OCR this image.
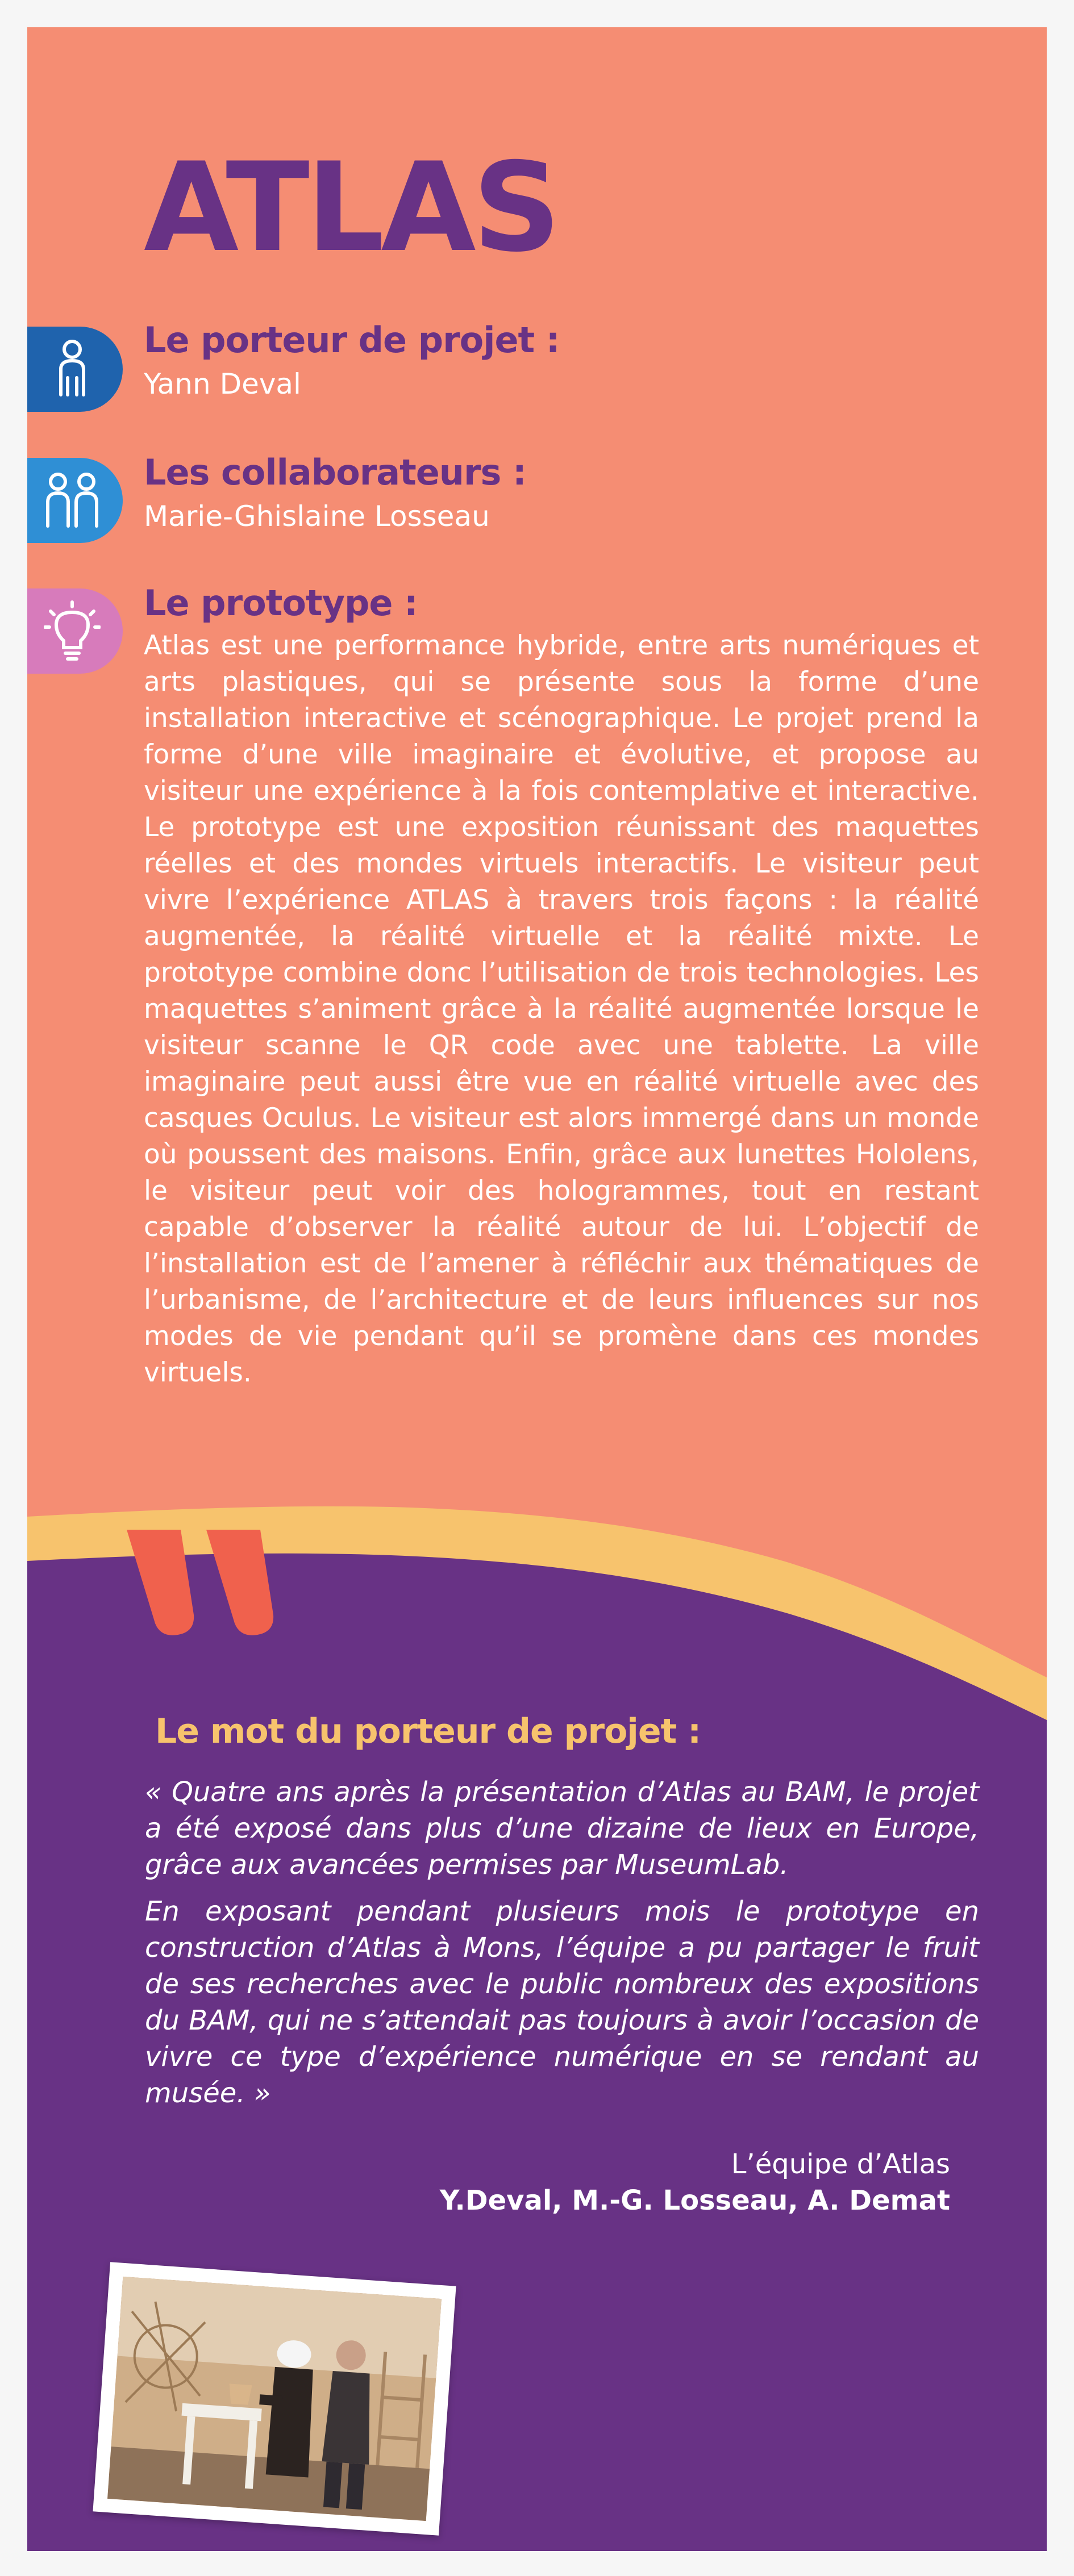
ATLAS
Le porteur de projet :
Yann Deval
Les collaborateurs :
Marie-Ghislaine Losseau
Le prototype :
Atlas est une performance hybride, entre arts numériques et arts plastiques, qui se présente sous la forme d’une installation interactive et scénographique. Le projet prend la forme d’une ville imaginaire et évolutive, et propose au visiteur une expérience à la fois contemplative et interactive. Le prototype est une exposition réunissant des maquettes réelles et des mondes virtuels interactifs. Le visiteur peut vivre l’expérience ATLAS à travers trois façons : la réalité augmentée, la réalité virtuelle et la réalité mixte. Le prototype combine donc l’utilisation de trois technologies. Les maquettes s’animent grâce à la réalité augmentée lorsque le visiteur scanne le QR code avec une tablette. La ville imaginaire peut aussi être vue en réalité virtuelle avec des casques Oculus. Le visiteur est alors immergé dans un monde où poussent des maisons. Enfin, grâce aux lunettes Hololens, le visiteur peut voir des hologrammes, tout en restant capable d’observer la réalité autour de lui. L’objectif de l’installation est de l’amener à réfléchir aux thématiques de l’urbanisme, de l’architecture et de leurs influences sur nos modes de vie pendant qu’il se promène dans ces mondes virtuels.
Le mot du porteur de projet :

« Quatre ans après la présentation d’Atlas au BAM, le projet a été exposé dans plus d’une dizaine de lieux en Europe, grâce aux avancées permises par MuseumLab.

En exposant pendant plusieurs mois le prototype en construction d’Atlas à Mons, l’équipe a pu partager le fruit de ses recherches avec le public nombreux des expositions du BAM, qui ne s’attendait pas toujours à avoir l’occasion de vivre ce type d’expérience numérique en se rendant au musée. »

L’équipe d’Atlas
Y.Deval, M.-G. Losseau, A. Demat
